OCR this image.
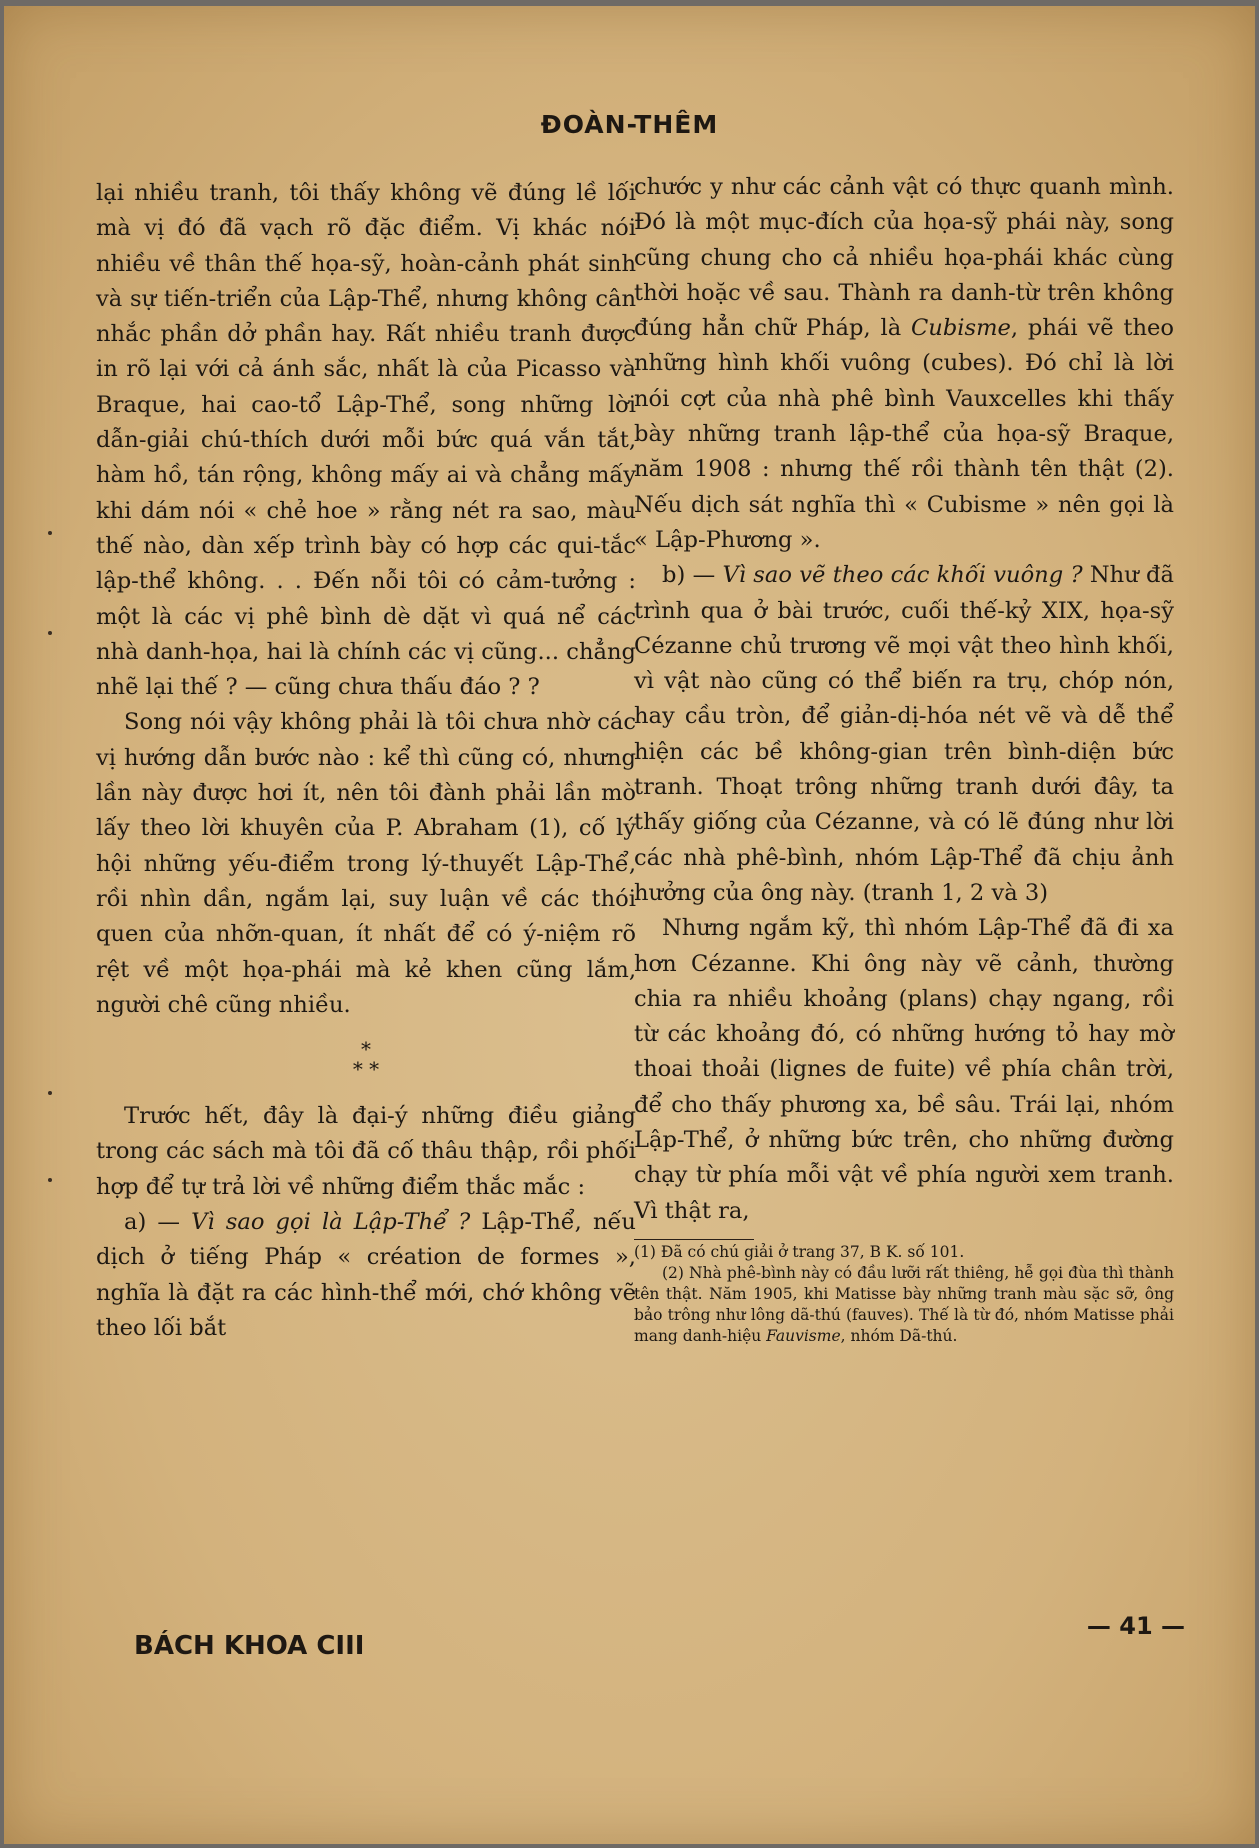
ĐOÀN-THÊM

lại nhiều tranh, tôi thấy không vẽ đúng lề lối mà vị đó đã vạch rõ đặc điểm. Vị khác nói nhiều về thân thế họa-sỹ, hoàn-cảnh phát sinh và sự tiến-triển của Lập-Thể, nhưng không cân nhắc phần dở phần hay. Rất nhiều tranh được in rõ lại với cả ánh sắc, nhất là của Picasso và Braque, hai cao-tổ Lập-Thể, song những lời dẫn-giải chú-thích dưới mỗi bức quá vắn tắt, hàm hồ, tán rộng, không mấy ai và chẳng mấy khi dám nói « chẻ hoe » rằng nét ra sao, màu thế nào, dàn xếp trình bày có hợp các qui-tắc lập-thể không. . . Đến nỗi tôi có cảm-tưởng : một là các vị phê bình dè dặt vì quá nể các nhà danh-họa, hai là chính các vị cũng... chẳng nhẽ lại thế ? — cũng chưa thấu đáo ? ?

Song nói vậy không phải là tôi chưa nhờ các vị hướng dẫn bước nào : kể thì cũng có, nhưng lần này được hơi ít, nên tôi đành phải lần mò lấy theo lời khuyên của P. Abraham (1), cố lý hội những yếu-điểm trong lý-thuyết Lập-Thể, rồi nhìn dần, ngắm lại, suy luận về các thói quen của nhỡn-quan, ít nhất để có ý-niệm rõ rệt về một họa-phái mà kẻ khen cũng lắm, người chê cũng nhiều.

*
* *

Trước hết, đây là đại-ý những điều giảng trong các sách mà tôi đã cố thâu thập, rồi phối hợp để tự trả lời về những điểm thắc mắc :

a) — Vì sao gọi là Lập-Thể ? Lập-Thể, nếu dịch ở tiếng Pháp « création de formes », nghĩa là đặt ra các hình-thể mới, chớ không vẽ theo lối bắt

chước y như các cảnh vật có thực quanh mình. Đó là một mục-đích của họa-sỹ phái này, song cũng chung cho cả nhiều họa-phái khác cùng thời hoặc về sau. Thành ra danh-từ trên không đúng hẳn chữ Pháp, là Cubisme, phái vẽ theo những hình khối vuông (cubes). Đó chỉ là lời nói cợt của nhà phê bình Vauxcelles khi thấy bày những tranh lập-thể của họa-sỹ Braque, năm 1908 : nhưng thế rồi thành tên thật (2). Nếu dịch sát nghĩa thì « Cubisme » nên gọi là « Lập-Phương ».

b) — Vì sao vẽ theo các khối vuông ? Như đã trình qua ở bài trước, cuối thế-kỷ XIX, họa-sỹ Cézanne chủ trương vẽ mọi vật theo hình khối, vì vật nào cũng có thể biến ra trụ, chóp nón, hay cầu tròn, để giản-dị-hóa nét vẽ và dễ thể hiện các bề không-gian trên bình-diện bức tranh. Thoạt trông những tranh dưới đây, ta thấy giống của Cézanne, và có lẽ đúng như lời các nhà phê-bình, nhóm Lập-Thể đã chịu ảnh hưởng của ông này. (tranh 1, 2 và 3)

Nhưng ngắm kỹ, thì nhóm Lập-Thể đã đi xa hơn Cézanne. Khi ông này vẽ cảnh, thường chia ra nhiều khoảng (plans) chạy ngang, rồi từ các khoảng đó, có những hướng tỏ hay mờ thoai thoải (lignes de fuite) về phía chân trời, để cho thấy phương xa, bề sâu. Trái lại, nhóm Lập-Thể, ở những bức trên, cho những đường chạy từ phía mỗi vật về phía người xem tranh. Vì thật ra,

(1) Đã có chú giải ở trang 37, B K. số 101.

(2) Nhà phê-bình này có đầu lưỡi rất thiêng, hễ gọi đùa thì thành tên thật. Năm 1905, khi Matisse bày những tranh màu sặc sỡ, ông bảo trông như lông dã-thú (fauves). Thế là từ đó, nhóm Matisse phải mang danh-hiệu Fauvisme, nhóm Dã-thú.

BÁCH KHOA CIII
— 41 —
